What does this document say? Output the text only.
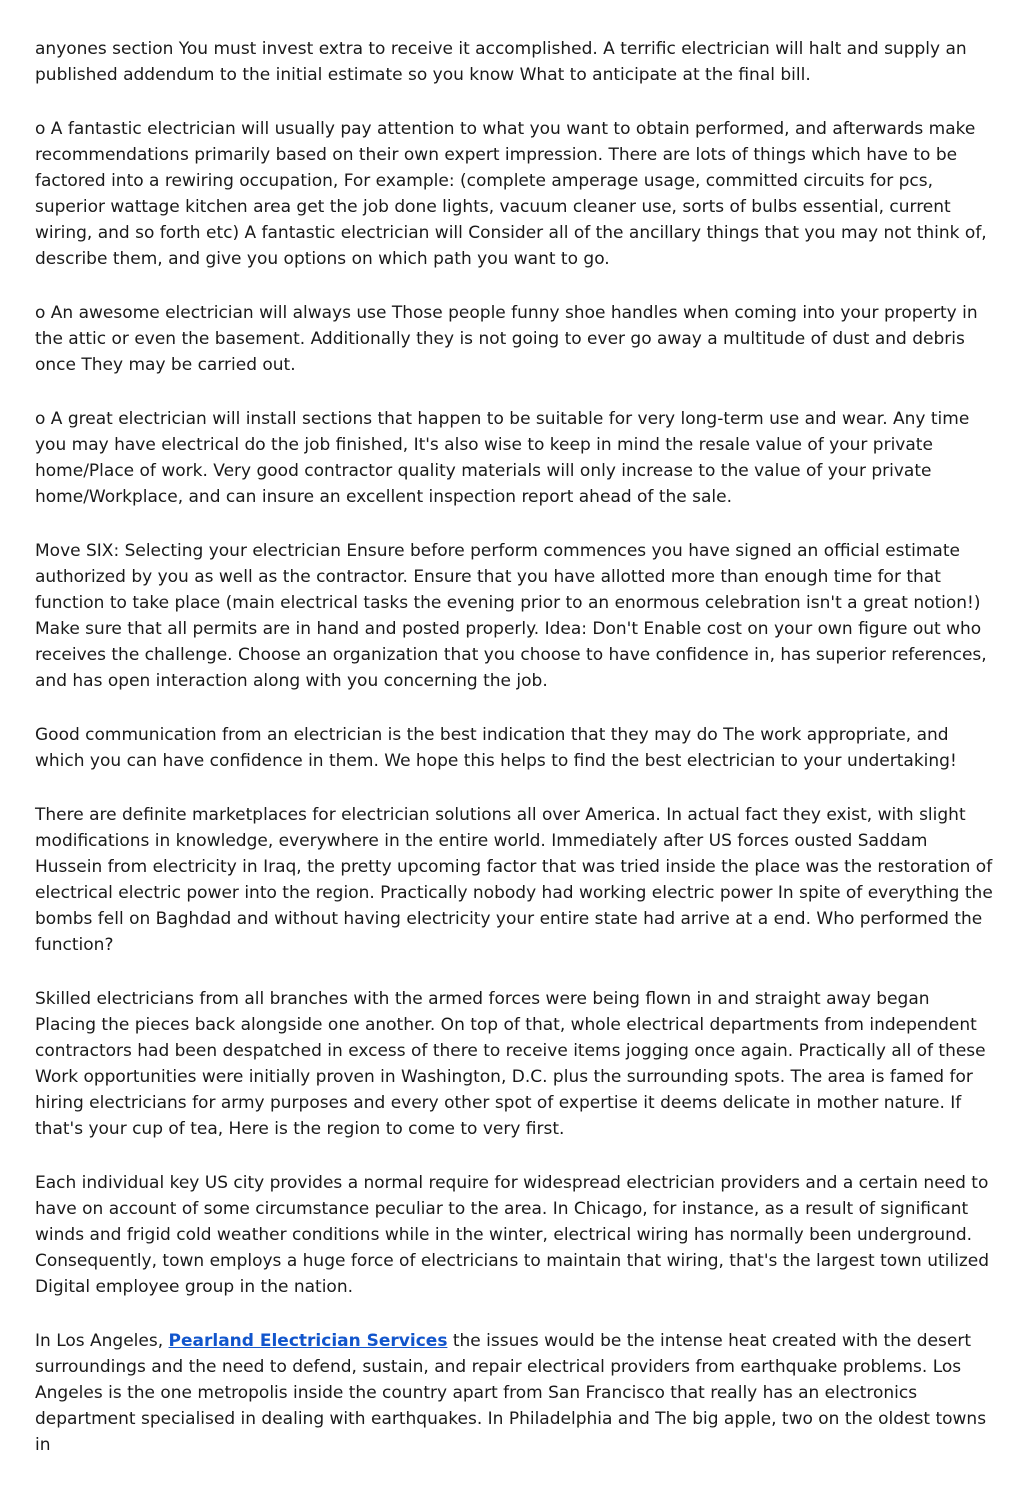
anyones section You must invest extra to receive it accomplished. A terrific electrician will halt and supply an published addendum to the initial estimate so you know What to anticipate at the final bill.

o A fantastic electrician will usually pay attention to what you want to obtain performed, and afterwards make recommendations primarily based on their own expert impression. There are lots of things which have to be factored into a rewiring occupation, For example: (complete amperage usage, committed circuits for pcs, superior wattage kitchen area get the job done lights, vacuum cleaner use, sorts of bulbs essential, current wiring, and so forth etc) A fantastic electrician will Consider all of the ancillary things that you may not think of, describe them, and give you options on which path you want to go.

o An awesome electrician will always use Those people funny shoe handles when coming into your property in the attic or even the basement. Additionally they is not going to ever go away a multitude of dust and debris once They may be carried out.

o A great electrician will install sections that happen to be suitable for very long-term use and wear. Any time you may have electrical do the job finished, It's also wise to keep in mind the resale value of your private home/Place of work. Very good contractor quality materials will only increase to the value of your private home/Workplace, and can insure an excellent inspection report ahead of the sale.

Move SIX: Selecting your electrician Ensure before perform commences you have signed an official estimate authorized by you as well as the contractor. Ensure that you have allotted more than enough time for that function to take place (main electrical tasks the evening prior to an enormous celebration isn't a great notion!) Make sure that all permits are in hand and posted properly. Idea: Don't Enable cost on your own figure out who receives the challenge. Choose an organization that you choose to have confidence in, has superior references, and has open interaction along with you concerning the job.

Good communication from an electrician is the best indication that they may do The work appropriate, and which you can have confidence in them. We hope this helps to find the best electrician to your undertaking!

There are definite marketplaces for electrician solutions all over America. In actual fact they exist, with slight modifications in knowledge, everywhere in the entire world. Immediately after US forces ousted Saddam Hussein from electricity in Iraq, the pretty upcoming factor that was tried inside the place was the restoration of electrical electric power into the region. Practically nobody had working electric power In spite of everything the bombs fell on Baghdad and without having electricity your entire state had arrive at a end. Who performed the function?

Skilled electricians from all branches with the armed forces were being flown in and straight away began Placing the pieces back alongside one another. On top of that, whole electrical departments from independent contractors had been despatched in excess of there to receive items jogging once again. Practically all of these Work opportunities were initially proven in Washington, D.C. plus the surrounding spots. The area is famed for hiring electricians for army purposes and every other spot of expertise it deems delicate in mother nature. If that's your cup of tea, Here is the region to come to very first.

Each individual key US city provides a normal require for widespread electrician providers and a certain need to have on account of some circumstance peculiar to the area. In Chicago, for instance, as a result of significant winds and frigid cold weather conditions while in the winter, electrical wiring has normally been underground. Consequently, town employs a huge force of electricians to maintain that wiring, that's the largest town utilized Digital employee group in the nation.

In Los Angeles, Pearland Electrician Services the issues would be the intense heat created with the desert surroundings and the need to defend, sustain, and repair electrical providers from earthquake problems. Los Angeles is the one metropolis inside the country apart from San Francisco that really has an electronics department specialised in dealing with earthquakes. In Philadelphia and The big apple, two on the oldest towns in
